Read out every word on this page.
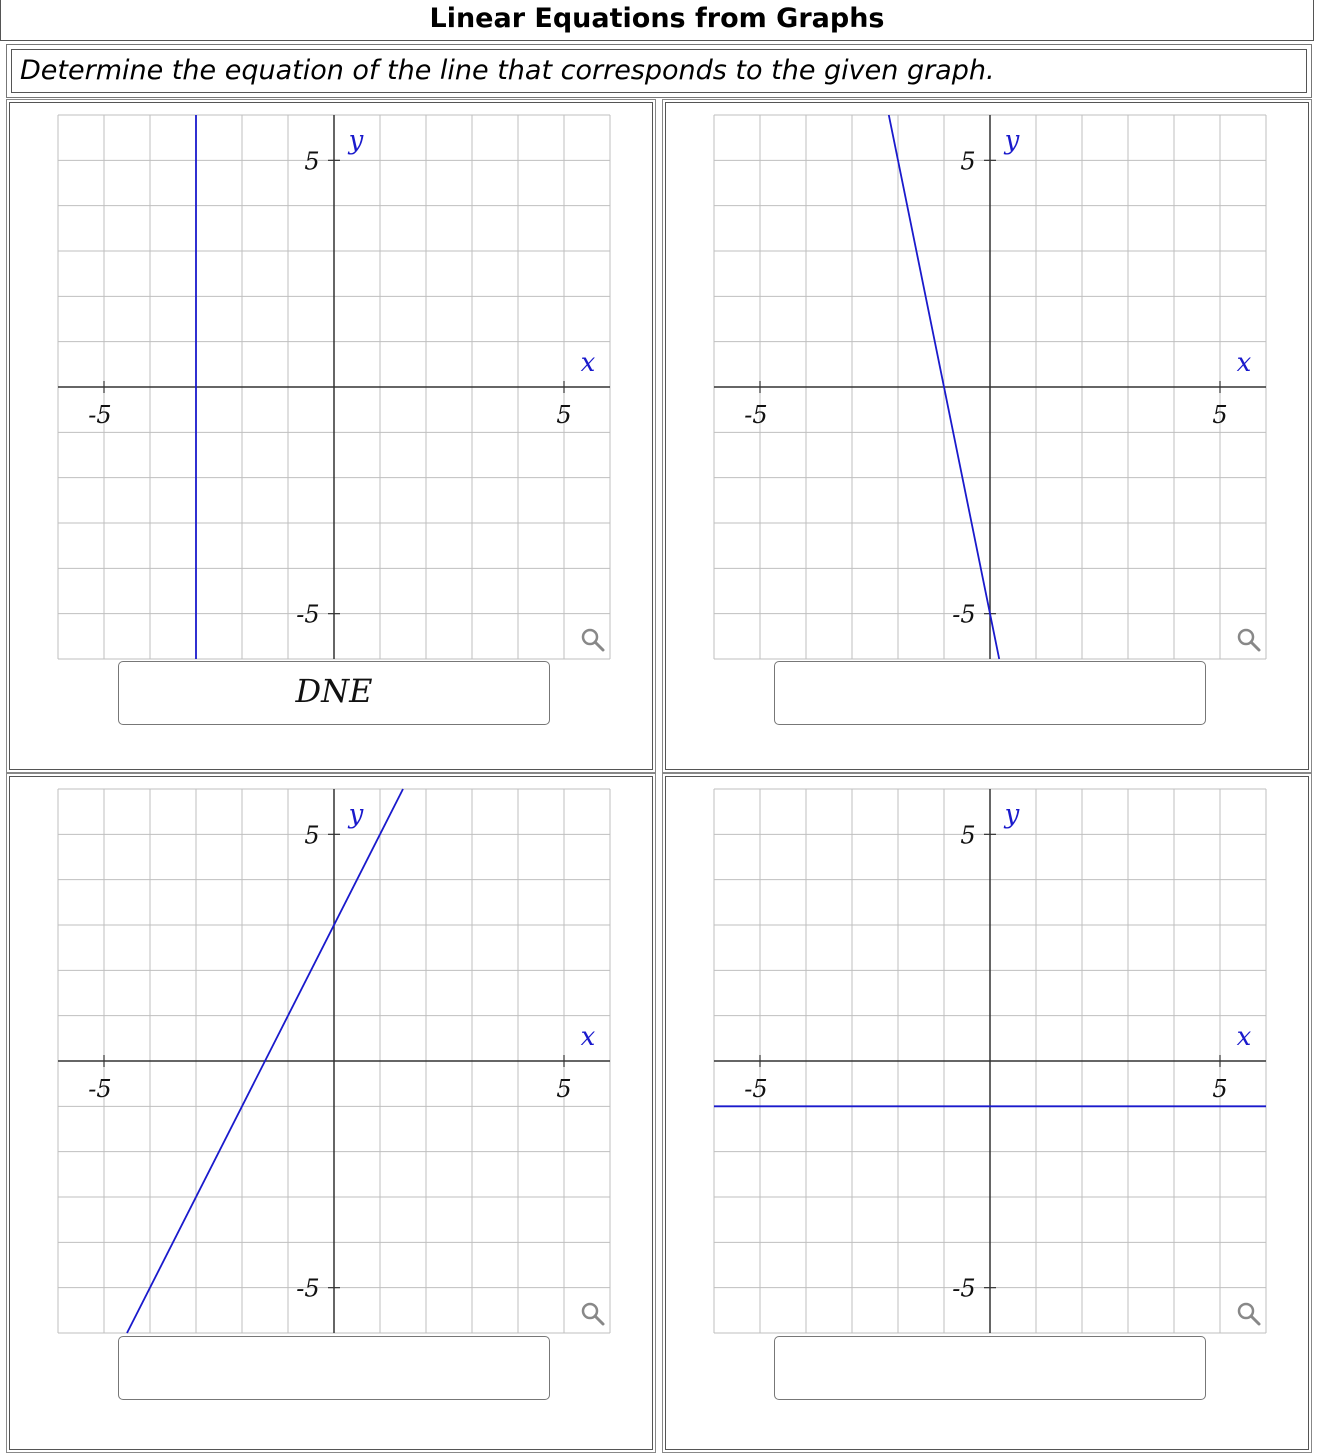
Linear Equations from Graphs
Determine the equation of the line that corresponds to the given graph.
-5	5
5
-5
x
y
DNE
-5	5
5
-5
x
y
-5	5
5
-5
x
y
-5	5
5
-5
x
y
